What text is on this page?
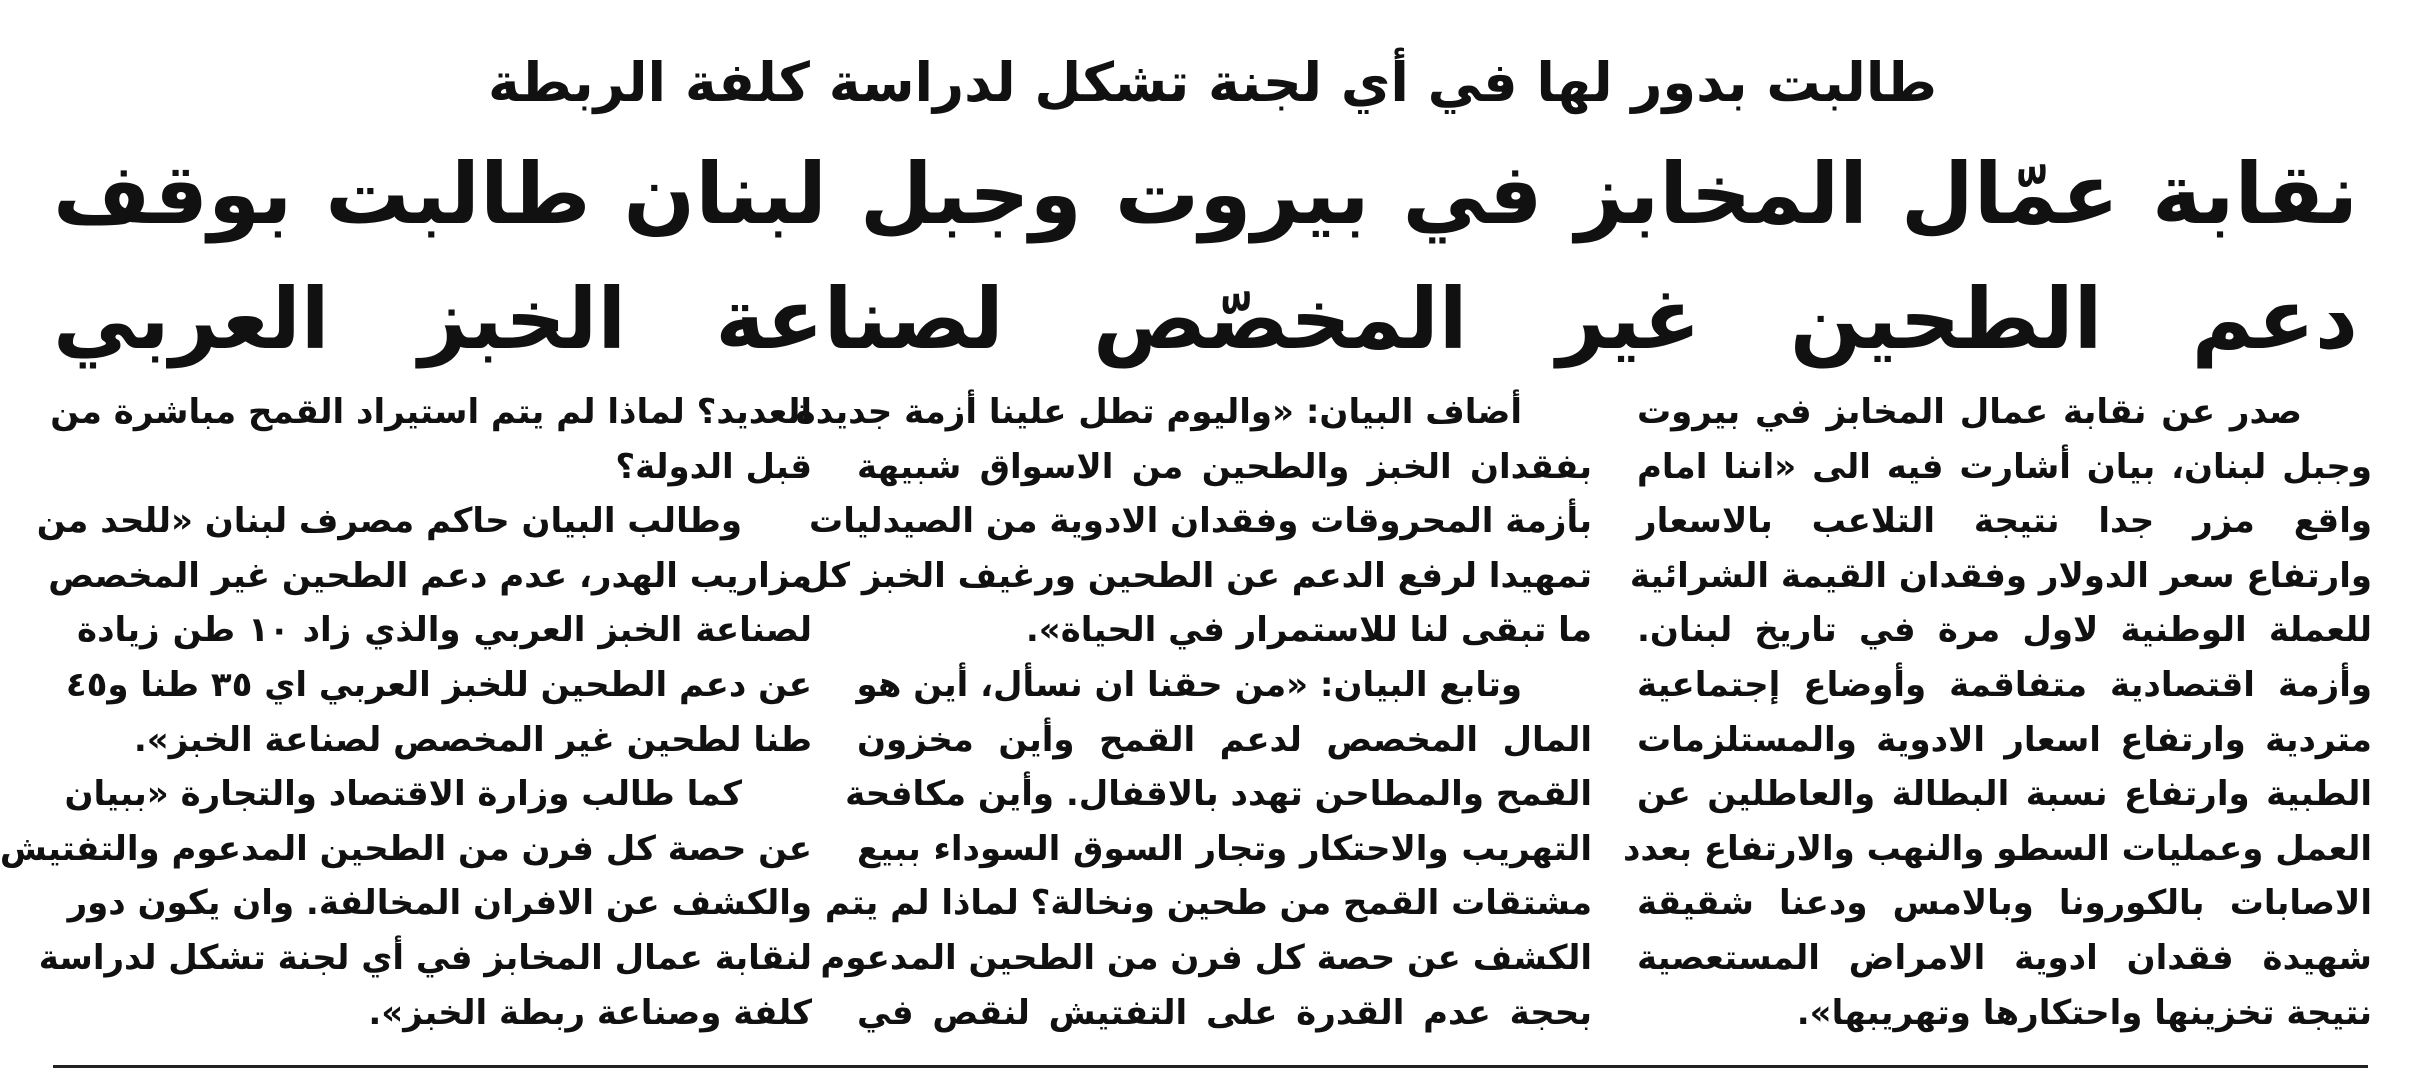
طالبت بدور لها في أي لجنة تشكل لدراسة كلفة الربطة
نقابة عمّال المخابز في بيروت وجبل لبنان طالبت بوقف
دعم الطحين غير المخصّص لصناعة الخبز العربي
صدر عن نقابة عمال المخابز في بيروت
وجبل لبنان، بيان أشارت فيه الى «اننا امام
واقع مزر جدا نتيجة التلاعب بالاسعار
وارتفاع سعر الدولار وفقدان القيمة الشرائية
للعملة الوطنية لاول مرة في تاريخ لبنان.
وأزمة اقتصادية متفاقمة وأوضاع إجتماعية
متردية وارتفاع اسعار الادوية والمستلزمات
الطبية وارتفاع نسبة البطالة والعاطلين عن
العمل وعمليات السطو والنهب والارتفاع بعدد
الاصابات بالكورونا وبالامس ودعنا شقيقة
شهيدة فقدان ادوية الامراض المستعصية
نتيجة تخزينها واحتكارها وتهريبها».
أضاف البيان: «واليوم تطل علينا أزمة جديدة
بفقدان الخبز والطحين من الاسواق شبيهة
بأزمة المحروقات وفقدان الادوية من الصيدليات
تمهيدا لرفع الدعم عن الطحين ورغيف الخبز كل
ما تبقى لنا للاستمرار في الحياة».
وتابع البيان: «من حقنا ان نسأل، أين هو
المال المخصص لدعم القمح وأين مخزون
القمح والمطاحن تهدد بالاقفال. وأين مكافحة
التهريب والاحتكار وتجار السوق السوداء ببيع
مشتقات القمح من طحين ونخالة؟ لماذا لم يتم
الكشف عن حصة كل فرن من الطحين المدعوم
بحجة عدم القدرة على التفتيش لنقص في
العديد؟ لماذا لم يتم استيراد القمح مباشرة من
قبل الدولة؟
وطالب البيان حاكم مصرف لبنان «للحد من
مزاريب الهدر، عدم دعم الطحين غير المخصص
لصناعة الخبز العربي والذي زاد ١٠ طن زيادة
عن دعم الطحين للخبز العربي اي ٣٥ طنا و٤٥
طنا لطحين غير المخصص لصناعة الخبز».
كما طالب وزارة الاقتصاد والتجارة «ببيان
عن حصة كل فرن من الطحين المدعوم والتفتيش
والكشف عن الافران المخالفة. وان يكون دور
لنقابة عمال المخابز في أي لجنة تشكل لدراسة
كلفة وصناعة ربطة الخبز».
